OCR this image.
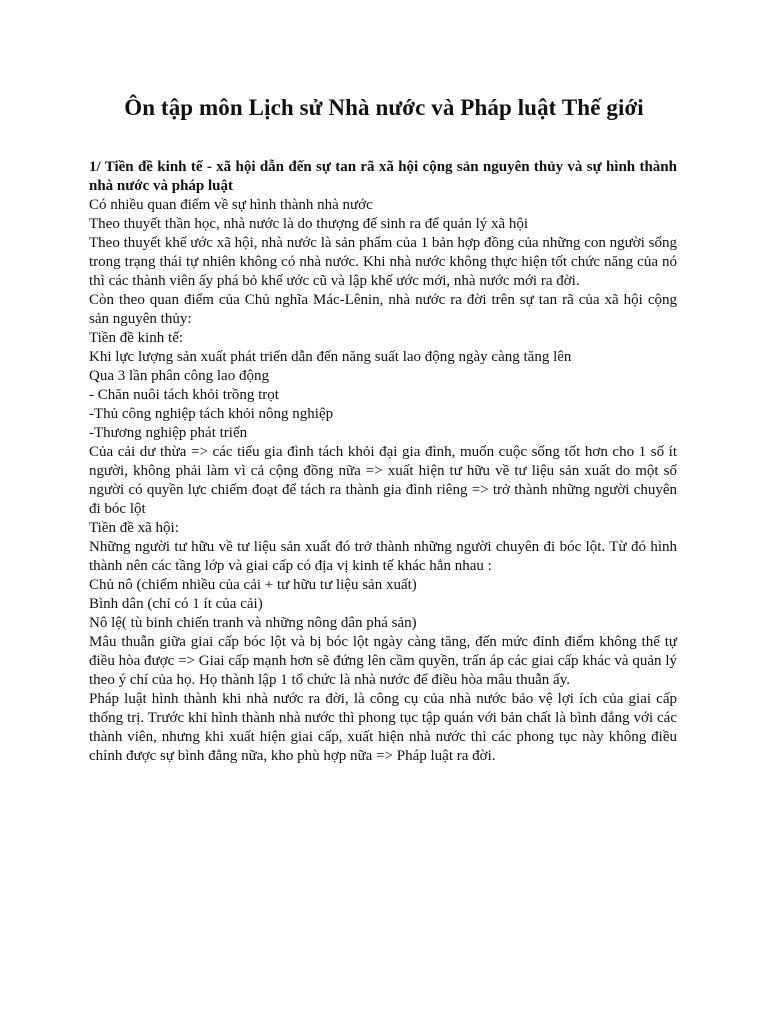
Ôn tập môn Lịch sử Nhà nước và Pháp luật Thế giới

1/ Tiền đề kinh tế - xã hội dẫn đến sự tan rã xã hội cộng sản nguyên thủy và sự hình thành nhà nước và pháp luật

Có nhiều quan điểm về sự hình thành nhà nước

Theo thuyết thần học, nhà nước là do thượng đế sinh ra để quản lý xã hội

Theo thuyết khế ước xã hội, nhà nước là sản phẩm của 1 bản hợp đồng của những con người sống trong trạng thái tự nhiên không có nhà nước. Khi nhà nước không thực hiện tốt chức năng của nó thì các thành viên ấy phá bỏ khế ước cũ và lập khế ước mới, nhà nước mới ra đời.

Còn theo quan điểm của Chủ nghĩa Mác-Lênin, nhà nước ra đời trên sự tan rã của xã hội cộng sản nguyên thủy:

Tiền đề kinh tế:

Khi lực lượng sản xuất phát triển dẫn đến năng suất lao động ngày càng tăng lên

Qua 3 lần phân công lao động

- Chăn nuôi tách khỏi trồng trọt

-Thủ công nghiệp tách khỏi nông nghiệp

-Thương nghiệp phát triển

Của cải dư thừa => các tiểu gia đình tách khỏi đại gia đình, muốn cuộc sống tốt hơn cho 1 số ít người, không phải làm vì cả cộng đồng nữa => xuất hiện tư hữu về tư liệu sản xuất do một số người có quyền lực chiếm đoạt để tách ra thành gia đình riêng => trở thành những người chuyên đi bóc lột

Tiền đề xã hội:

Những người tư hữu về tư liệu sản xuất đó trở thành những người chuyên đi bóc lột. Từ đó hình thành nên các tầng lớp và giai cấp có địa vị kinh tế khác hẳn nhau :

Chủ nô (chiếm nhiều của cải + tư hữu tư liệu sản xuất)

Bình dân (chỉ có 1 ít của cải)

Nô lệ( tù binh chiến tranh và những nông dân phá sản)

Mâu thuẫn giữa giai cấp bóc lột và bị bóc lột ngày càng tăng, đến mức đỉnh điểm không thể tự điều hòa được => Giai cấp mạnh hơn sẽ đứng lên cầm quyền, trấn áp các giai cấp khác và quản lý theo ý chí của họ. Họ thành lập 1 tổ chức là nhà nước để điều hòa mâu thuẫn ấy.

Pháp luật hình thành khi nhà nước ra đời, là công cụ của nhà nước bảo vệ lợi ích của giai cấp thống trị. Trước khi hình thành nhà nước thì phong tục tập quán với bản chất là bình đẳng với các thành viên, nhưng khi xuất hiện giai cấp, xuất hiện nhà nước thì các phong tục này không điều chỉnh được sự bình đẳng nữa, kho phù hợp nữa => Pháp luật ra đời.
